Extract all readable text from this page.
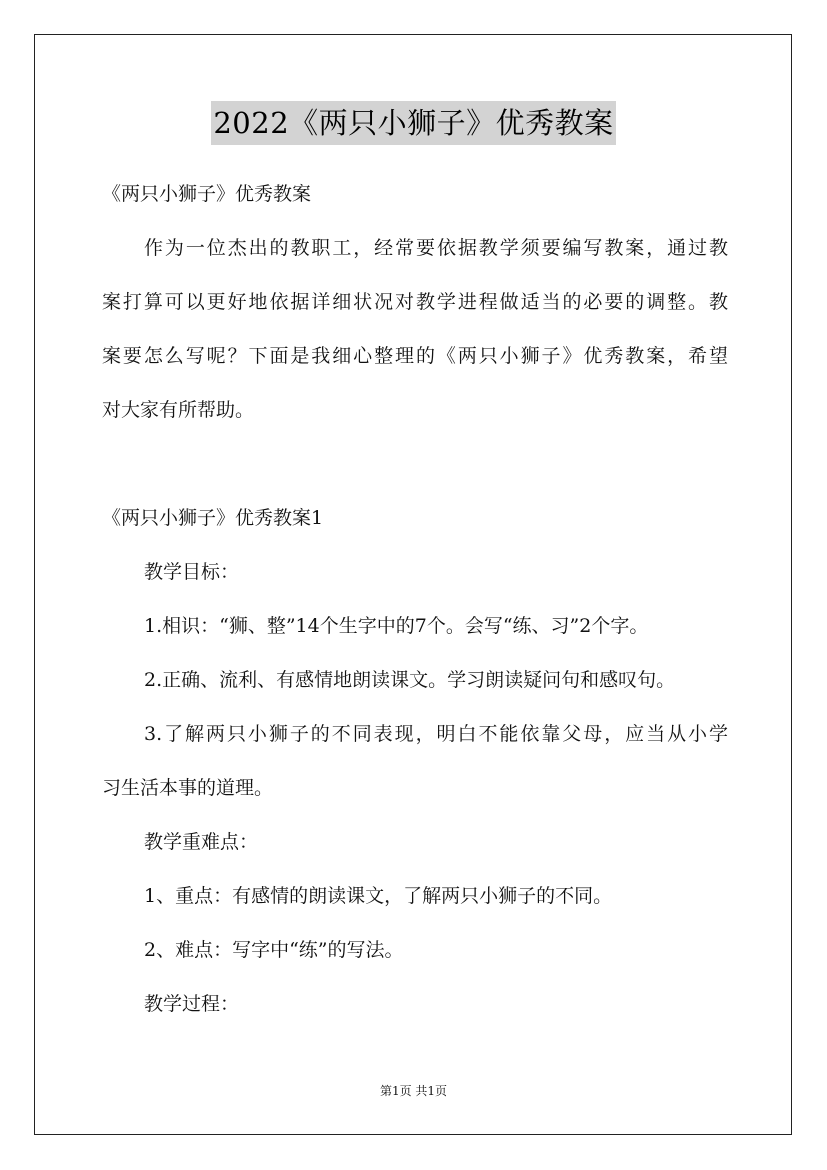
2022《两只小狮子》优秀教案
《两只小狮子》优秀教案
作为一位杰出的教职工，经常要依据教学须要编写教案，通过教
案打算可以更好地依据详细状况对教学进程做适当的必要的调整。教
案要怎么写呢？下面是我细心整理的《两只小狮子》优秀教案，希望
对大家有所帮助。
《两只小狮子》优秀教案1
教学目标：
1.相识：“狮、整”14个生字中的7个。会写“练、习”2个字。
2.正确、流利、有感情地朗读课文。学习朗读疑问句和感叹句。
3.了解两只小狮子的不同表现，明白不能依靠父母，应当从小学
习生活本事的道理。
教学重难点：
1、重点：有感情的朗读课文，了解两只小狮子的不同。
2、难点：写字中“练”的写法。
教学过程：
第1页 共1页
